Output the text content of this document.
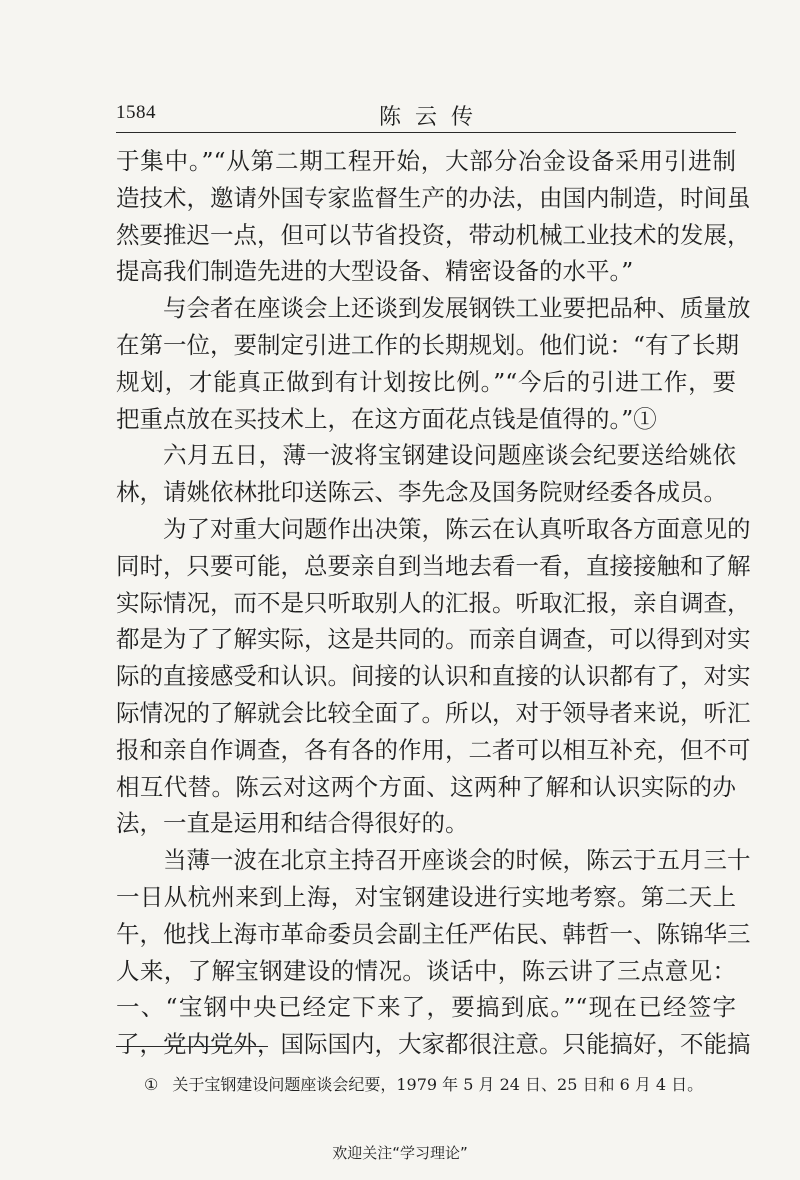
1584	陈云传
于集中。”“从第二期工程开始，大部分冶金设备采用引进制
造技术，邀请外国专家监督生产的办法，由国内制造，时间虽
然要推迟一点，但可以节省投资，带动机械工业技术的发展，
提高我们制造先进的大型设备、精密设备的水平。”
与会者在座谈会上还谈到发展钢铁工业要把品种、质量放
在第一位，要制定引进工作的长期规划。他们说：“有了长期
规划，才能真正做到有计划按比例。”“今后的引进工作，要
把重点放在买技术上，在这方面花点钱是值得的。”①
六月五日，薄一波将宝钢建设问题座谈会纪要送给姚依
林，请姚依林批印送陈云、李先念及国务院财经委各成员。
为了对重大问题作出决策，陈云在认真听取各方面意见的
同时，只要可能，总要亲自到当地去看一看，直接接触和了解
实际情况，而不是只听取别人的汇报。听取汇报，亲自调查，
都是为了了解实际，这是共同的。而亲自调查，可以得到对实
际的直接感受和认识。间接的认识和直接的认识都有了，对实
际情况的了解就会比较全面了。所以，对于领导者来说，听汇
报和亲自作调查，各有各的作用，二者可以相互补充，但不可
相互代替。陈云对这两个方面、这两种了解和认识实际的办
法，一直是运用和结合得很好的。
当薄一波在北京主持召开座谈会的时候，陈云于五月三十
一日从杭州来到上海，对宝钢建设进行实地考察。第二天上
午，他找上海市革命委员会副主任严佑民、韩哲一、陈锦华三
人来，了解宝钢建设的情况。谈话中，陈云讲了三点意见：
一、“宝钢中央已经定下来了，要搞到底。”“现在已经签字
了，党内党外，国际国内，大家都很注意。只能搞好，不能搞
① 关于宝钢建设问题座谈会纪要，1979 年 5 月 24 日、25 日和 6 月 4 日。
欢迎关注“学习理论”
